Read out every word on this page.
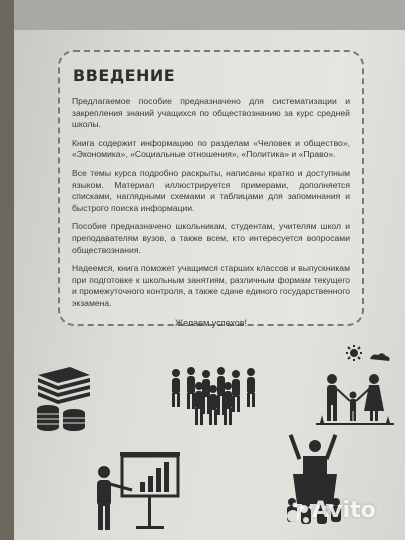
ВВЕДЕНИЕ

Предлагаемое пособие предназначено для систематизации и закрепления знаний учащихся по обществознанию за курс средней школы.

Книга содержит информацию по разделам «Человек и общество», «Экономика», «Социальные отношения», «Политика» и «Право».

Все темы курса подробно раскрыты, написаны кратко и доступным языком. Материал иллюстрируется примерами, дополняется списками, наглядными схемами и таблицами для запоминания и быстрого поиска информации.

Пособие предназначено школьникам, студентам, учителям школ и преподавателям вузов, а также всем, кто интересуется вопросами обществознания.

Надеемся, книга поможет учащимся старших классов и выпускникам при подготовке к школьным занятиям, различным формам текущего и промежуточного контроля, а также сдаче единого государственного экзамена.

Желаем успехов!
Avito
